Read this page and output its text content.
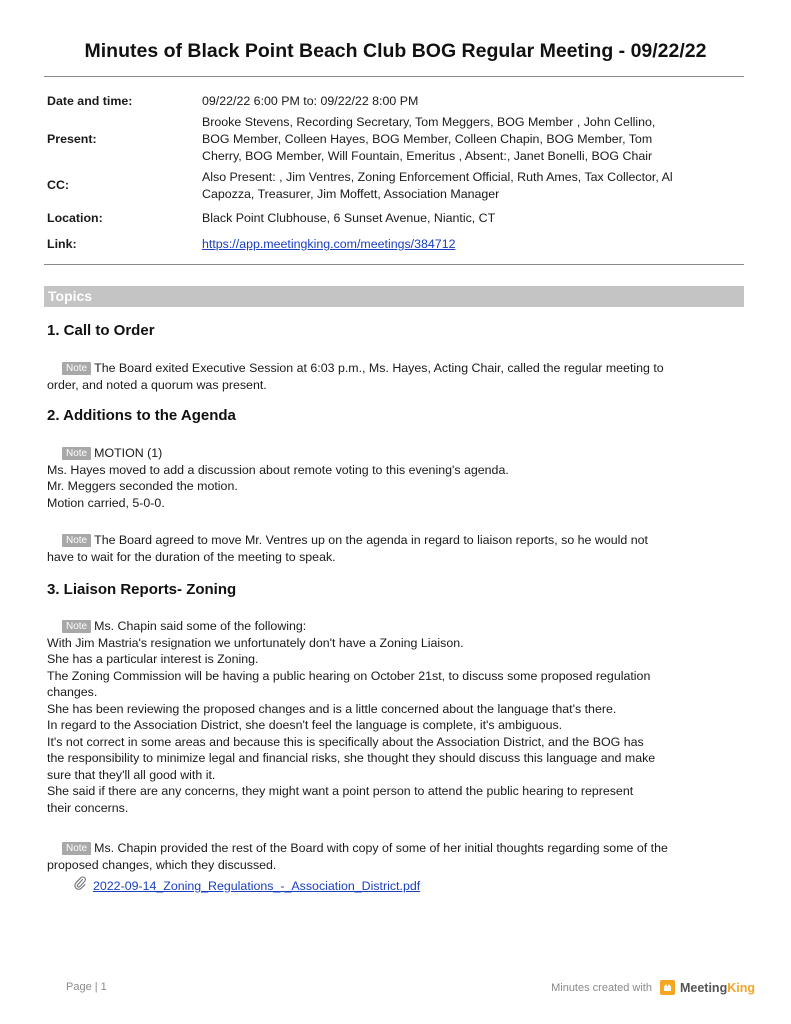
Minutes of Black Point Beach Club BOG Regular Meeting - 09/22/22
Date and time:	09/22/22 6:00 PM to: 09/22/22 8:00 PM
Present:
Brooke Stevens, Recording Secretary, Tom Meggers, BOG Member , John Cellino,
BOG Member, Colleen Hayes, BOG Member, Colleen Chapin, BOG Member, Tom
Cherry, BOG Member, Will Fountain, Emeritus , Absent:, Janet Bonelli, BOG Chair
CC:
Also Present: , Jim Ventres, Zoning Enforcement Official, Ruth Ames, Tax Collector, Al
Capozza, Treasurer, Jim Moffett, Association Manager
Location:	Black Point Clubhouse, 6 Sunset Avenue, Niantic, CT
Link:	https://app.meetingking.com/meetings/384712
Topics
1. Call to Order
Note The Board exited Executive Session at 6:03 p.m., Ms. Hayes, Acting Chair, called the regular meeting to
order, and noted a quorum was present.
2. Additions to the Agenda
Note MOTION (1)
Ms. Hayes moved to add a discussion about remote voting to this evening's agenda.
Mr. Meggers seconded the motion.
Motion carried, 5-0-0.
Note The Board agreed to move Mr. Ventres up on the agenda in regard to liaison reports, so he would not
have to wait for the duration of the meeting to speak.
3. Liaison Reports- Zoning
Note Ms. Chapin said some of the following:
With Jim Mastria's resignation we unfortunately don't have a Zoning Liaison.
She has a particular interest is Zoning.
The Zoning Commission will be having a public hearing on October 21st, to discuss some proposed regulation
changes.
She has been reviewing the proposed changes and is a little concerned about the language that's there.
In regard to the Association District, she doesn't feel the language is complete, it's ambiguous.
It's not correct in some areas and because this is specifically about the Association District, and the BOG has
the responsibility to minimize legal and financial risks, she thought they should discuss this language and make
sure that they'll all good with it.
She said if there are any concerns, they might want a point person to attend the public hearing to represent
their concerns.
Note Ms. Chapin provided the rest of the Board with copy of some of her initial thoughts regarding some of the
proposed changes, which they discussed.
2022-09-14_Zoning_Regulations_-_Association_District.pdf
Page | 1	Minutes created with MeetingKing
